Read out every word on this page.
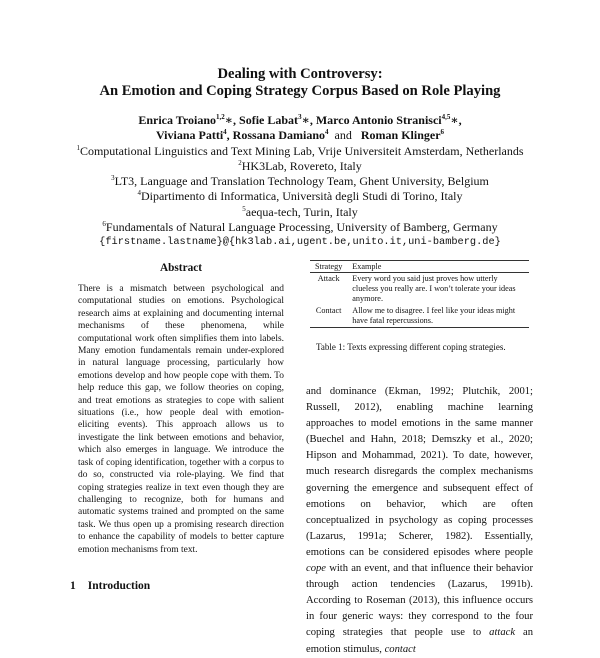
Dealing with Controversy:
An Emotion and Coping Strategy Corpus Based on Role Playing
Enrica Troiano$^{1,2}$∗, Sofie Labat$^3$∗, Marco Antonio Stranisci$^{4,5}$∗,
Viviana Patti$^4$, Rossana Damiano$^4$  and   Roman Klinger$^6$
$^1$Computational Linguistics and Text Mining Lab, Vrije Universiteit Amsterdam, Netherlands
$^2$HK3Lab, Rovereto, Italy
$^3$LT3, Language and Translation Technology Team, Ghent University, Belgium
$^4$Dipartimento di Informatica, Università degli Studi di Torino, Italy
$^5$aequa-tech, Turin, Italy
$^6$Fundamentals of Natural Language Processing, University of Bamberg, Germany
{firstname.lastname}@{hk3lab.ai,ugent.be,unito.it,uni-bamberg.de}
Abstract
There is a mismatch between psychological and computational studies on emotions. Psychological research aims at explaining and documenting internal mechanisms of these phenomena, while computational work often simplifies them into labels. Many emotion fundamentals remain under-explored in natural language processing, particularly how emotions develop and how people cope with them. To help reduce this gap, we follow theories on coping, and treat emotions as strategies to cope with salient situations (i.e., how people deal with emotion-eliciting events). This approach allows us to investigate the link between emotions and behavior, which also emerges in language. We introduce the task of coping identification, together with a corpus to do so, constructed via role-playing. We find that coping strategies realize in text even though they are challenging to recognize, both for humans and automatic systems trained and prompted on the same task. We thus open up a promising research direction to enhance the capability of models to better capture emotion mechanisms from text.
1 Introduction
Strategy	Example
Attack	Every word you said just proves how utterly clueless you really are. I won’t tolerate your ideas anymore.
Contact	Allow me to disagree. I feel like your ideas might have fatal repercussions.
Table 1: Texts expressing different coping strategies.
and dominance (Ekman, 1992; Plutchik, 2001; Russell, 2012), enabling machine learning approaches to model emotions in the same manner (Buechel and Hahn, 2018; Demszky et al., 2020; Hipson and Mohammad, 2021). To date, however, much research disregards the complex mechanisms governing the emergence and subsequent effect of emotions on behavior, which are often conceptualized in psychology as coping processes (Lazarus, 1991a; Scherer, 1982). Essentially, emotions can be considered episodes where people cope with an event, and that influence their behavior through action tendencies (Lazarus, 1991b). According to Roseman (2013), this influence occurs in four generic ways: they correspond to the four coping strategies that people use to attack an emotion stimulus, contact
